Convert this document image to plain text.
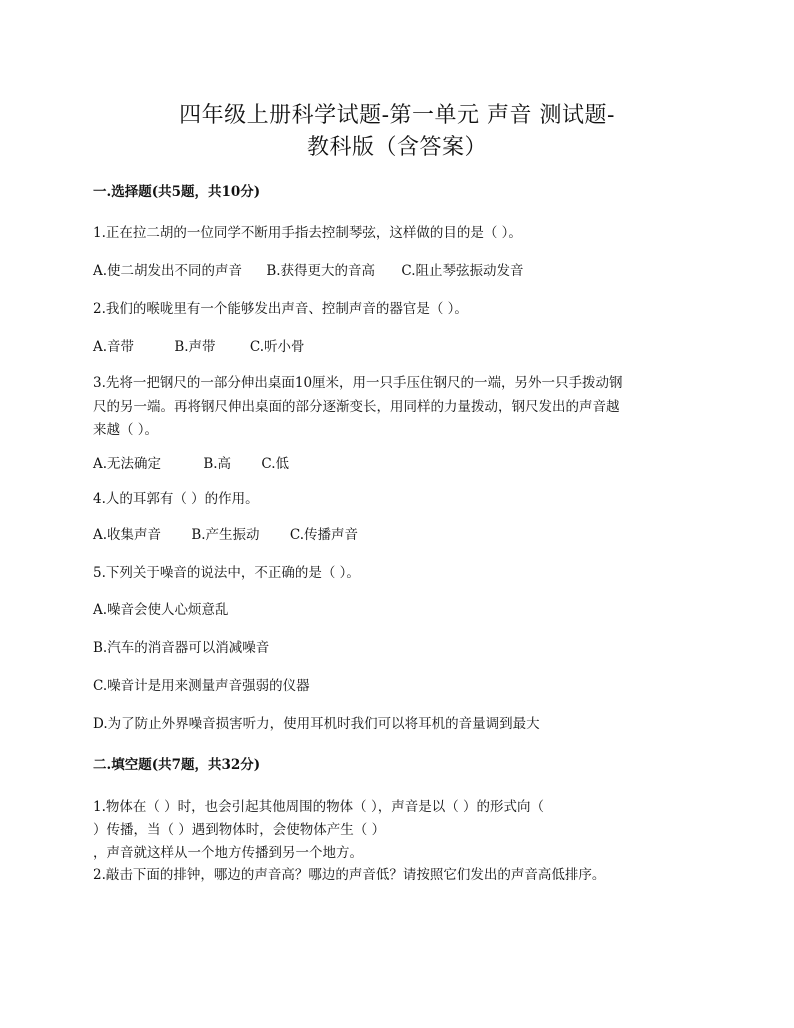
四年级上册科学试题-第一单元 声音 测试题-
教科版（含答案）
一.选择题(共5题，共10分)
1.正在拉二胡的一位同学不断用手指去控制琴弦，这样做的目的是（ ）。
A.使二胡发出不同的声音 B.获得更大的音高 C.阻止琴弦振动发音
2.我们的喉咙里有一个能够发出声音、控制声音的器官是（ ）。
A.音带	B.声带	C.听小骨
3.先将一把钢尺的一部分伸出桌面10厘米，用一只手压住钢尺的一端，另外一只手拨动钢
尺的另一端。再将钢尺伸出桌面的部分逐渐变长，用同样的力量拨动，钢尺发出的声音越
来越（ ）。
A.无法确定	B.高 C.低
4.人的耳郭有（ ）的作用。
A.收集声音 B.产生振动 C.传播声音
5.下列关于噪音的说法中，不正确的是（ ）。
A.噪音会使人心烦意乱
B.汽车的消音器可以消减噪音
C.噪音计是用来测量声音强弱的仪器
D.为了防止外界噪音损害听力，使用耳机时我们可以将耳机的音量调到最大
二.填空题(共7题，共32分)
1.物体在（ ）时，也会引起其他周围的物体（ ），声音是以（ ）的形式向（
）传播，当（ ）遇到物体时，会使物体产生（ ）
，声音就这样从一个地方传播到另一个地方。
2.敲击下面的排钟，哪边的声音高？哪边的声音低？请按照它们发出的声音高低排序。
